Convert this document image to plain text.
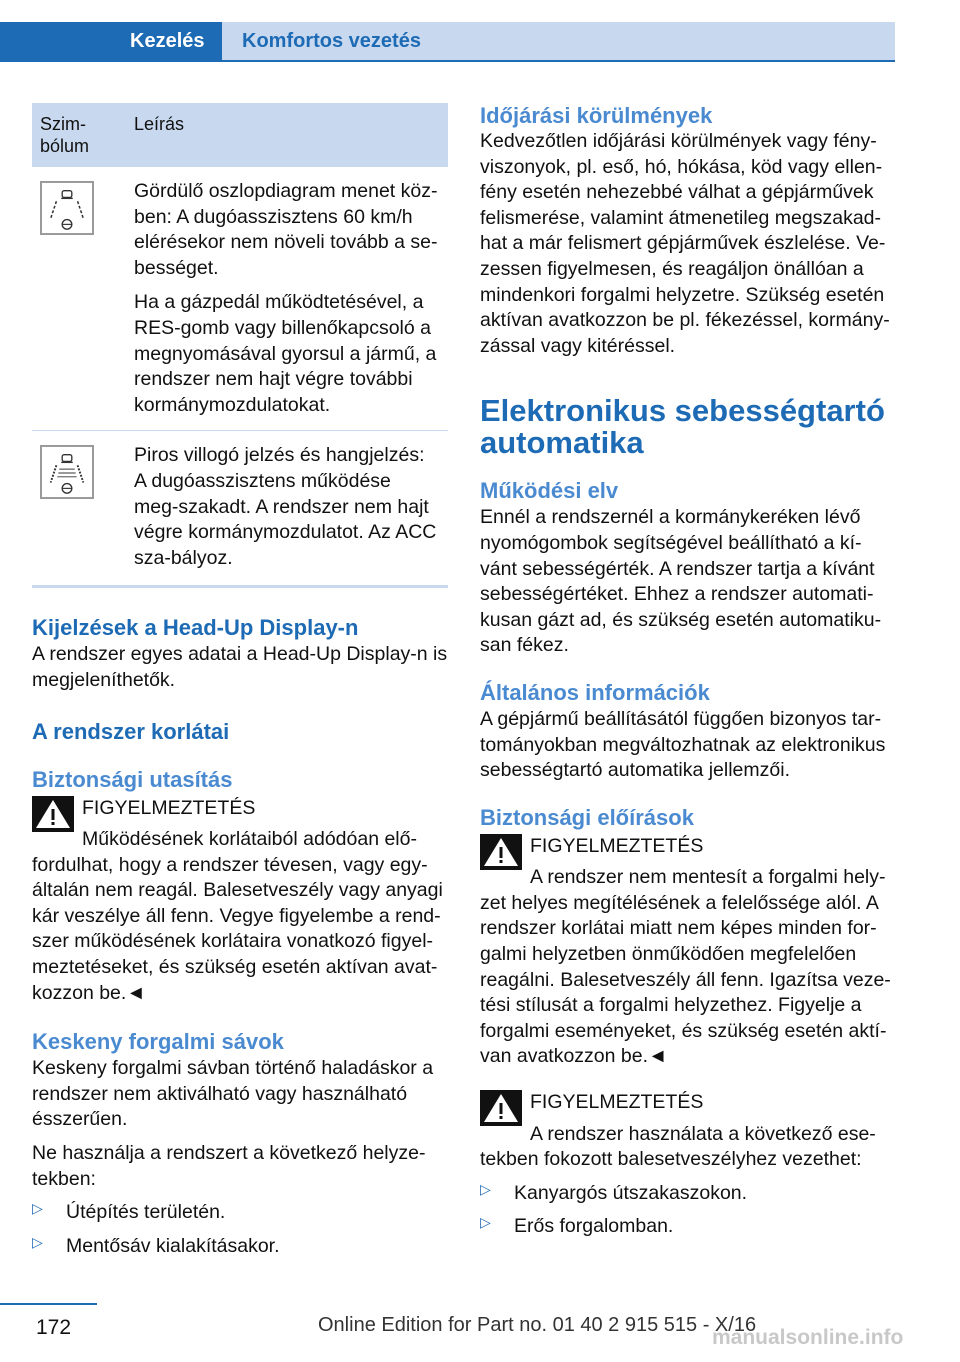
Kezelés	Komfortos vezetés
Szim-
bólum	Leírás

Gördülő oszlopdiagram menet köz-ben: A dugóasszisztens 60 km/h elérésekor nem növeli tovább a se-bességet.

Ha a gázpedál működtetésével, a RES-gomb vagy billenőkapcsoló a megnyomásával gyorsul a jármű, a rendszer nem hajt végre további kormánymozdulatokat.

Piros villogó jelzés és hangjelzés: A dugóasszisztens működése meg-szakadt. A rendszer nem hajt végre kormánymozdulatot. Az ACC sza-bályoz.

Kijelzések a Head-Up Display-n

A rendszer egyes adatai a Head-Up Display-n is megjeleníthetők.

A rendszer korlátai

Biztonsági utasítás

FIGYELMEZTETÉS

Működésének korlátaiból adódóan elő-

fordulhat, hogy a rendszer tévesen, vagy egy-általán nem reagál. Balesetveszély vagy anyagi kár veszélye áll fenn. Vegye figyelembe a rend-szer működésének korlátaira vonatkozó figyel-meztetéseket, és szükség esetén aktívan avat-kozzon be.◄

Keskeny forgalmi sávok

Keskeny forgalmi sávban történő haladáskor a rendszer nem aktiválható vagy használható ésszerűen.

Ne használja a rendszert a következő helyze-tekben:

▷ Útépítés területén.

▷ Mentősáv kialakításakor.

Időjárási körülmények

Kedvezőtlen időjárási körülmények vagy fény-viszonyok, pl. eső, hó, hókása, köd vagy ellen-fény esetén nehezebbé válhat a gépjárművek felismerése, valamint átmenetileg megszakad-hat a már felismert gépjárművek észlelése. Ve-zessen figyelmesen, és reagáljon önállóan a mindenkori forgalmi helyzetre. Szükség esetén aktívan avatkozzon be pl. fékezéssel, kormány-zással vagy kitéréssel.

Elektronikus sebességtartó automatika

Működési elv

Ennél a rendszernél a kormánykeréken lévő nyomógombok segítségével beállítható a kí-vánt sebességérték. A rendszer tartja a kívánt sebességértéket. Ehhez a rendszer automati-kusan gázt ad, és szükség esetén automatiku-san fékez.

Általános információk

A gépjármű beállításától függően bizonyos tar-tományokban megváltozhatnak az elektronikus sebességtartó automatika jellemzői.

Biztonsági előírások

FIGYELMEZTETÉS

A rendszer nem mentesít a forgalmi hely-

zet helyes megítélésének a felelőssége alól. A rendszer korlátai miatt nem képes minden for-galmi helyzetben önműködően megfelelően reagálni. Balesetveszély áll fenn. Igazítsa veze-tési stílusát a forgalmi helyzethez. Figyelje a forgalmi eseményeket, és szükség esetén aktí-van avatkozzon be.◄

FIGYELMEZTETÉS

A rendszer használata a következő ese-

tekben fokozott balesetveszélyhez vezethet:

▷ Kanyargós útszakaszokon.

▷ Erős forgalomban.

172	Online Edition for Part no. 01 40 2 915 515 - X/16
manualsonline.info
